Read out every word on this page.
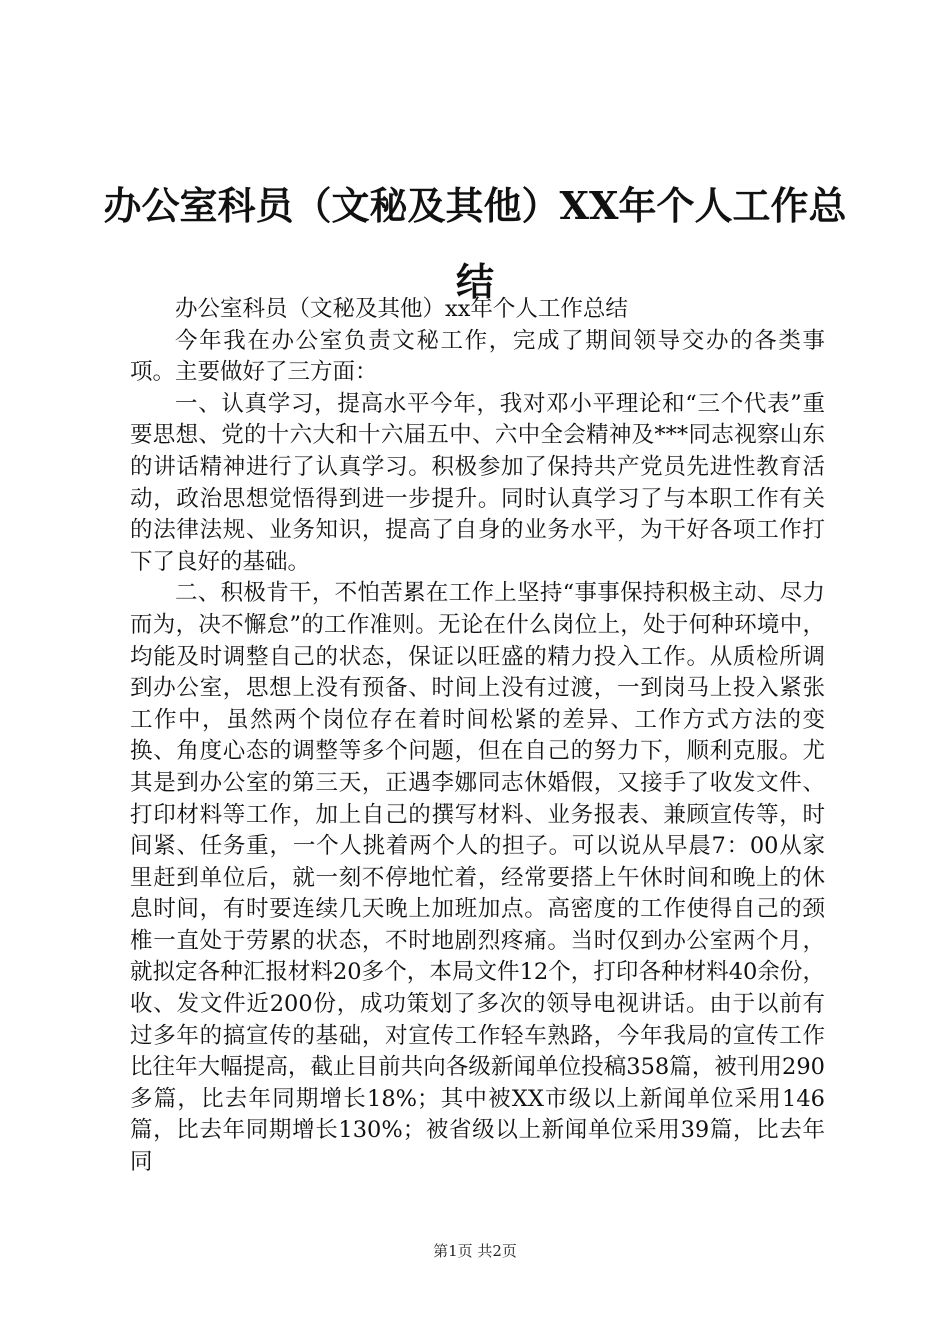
办公室科员（文秘及其他）XX年个人工作总
结

办公室科员（文秘及其他）xx年个人工作总结

今年我在办公室负责文秘工作，完成了期间领导交办的各类事项。主要做好了三方面：

一、认真学习，提高水平今年，我对邓小平理论和“三个代表”重要思想、党的十六大和十六届五中、六中全会精神及***同志视察山东的讲话精神进行了认真学习。积极参加了保持共产党员先进性教育活动，政治思想觉悟得到进一步提升。同时认真学习了与本职工作有关的法律法规、业务知识，提高了自身的业务水平，为干好各项工作打下了良好的基础。

二、积极肯干，不怕苦累在工作上坚持“事事保持积极主动、尽力而为，决不懈怠”的工作准则。无论在什么岗位上，处于何种环境中，均能及时调整自己的状态，保证以旺盛的精力投入工作。从质检所调到办公室，思想上没有预备、时间上没有过渡，一到岗马上投入紧张工作中，虽然两个岗位存在着时间松紧的差异、工作方式方法的变换、角度心态的调整等多个问题，但在自己的努力下，顺利克服。尤其是到办公室的第三天，正遇李娜同志休婚假，又接手了收发文件、打印材料等工作，加上自己的撰写材料、业务报表、兼顾宣传等，时间紧、任务重，一个人挑着两个人的担子。可以说从早晨7：00从家里赶到单位后，就一刻不停地忙着，经常要搭上午休时间和晚上的休息时间，有时要连续几天晚上加班加点。高密度的工作使得自己的颈椎一直处于劳累的状态，不时地剧烈疼痛。当时仅到办公室两个月，就拟定各种汇报材料20多个，本局文件12个，打印各种材料40余份，收、发文件近200份，成功策划了多次的领导电视讲话。由于以前有过多年的搞宣传的基础，对宣传工作轻车熟路，今年我局的宣传工作比往年大幅提高，截止目前共向各级新闻单位投稿358篇，被刊用290多篇，比去年同期增长18%；其中被XX市级以上新闻单位采用146篇，比去年同期增长130%；被省级以上新闻单位采用39篇，比去年同

第1页 共2页
